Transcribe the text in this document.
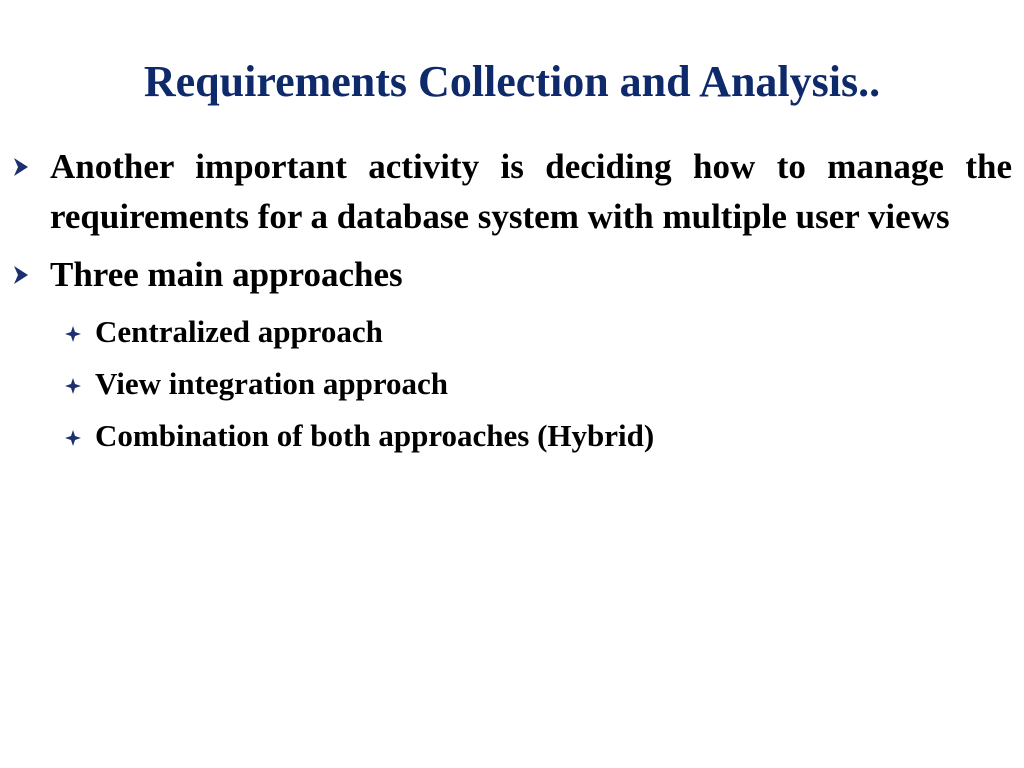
Requirements Collection and Analysis..
Another important activity is deciding how to manage the requirements for a database system with multiple user views
Three main approaches
Centralized approach
View integration approach
Combination of both approaches (Hybrid)
